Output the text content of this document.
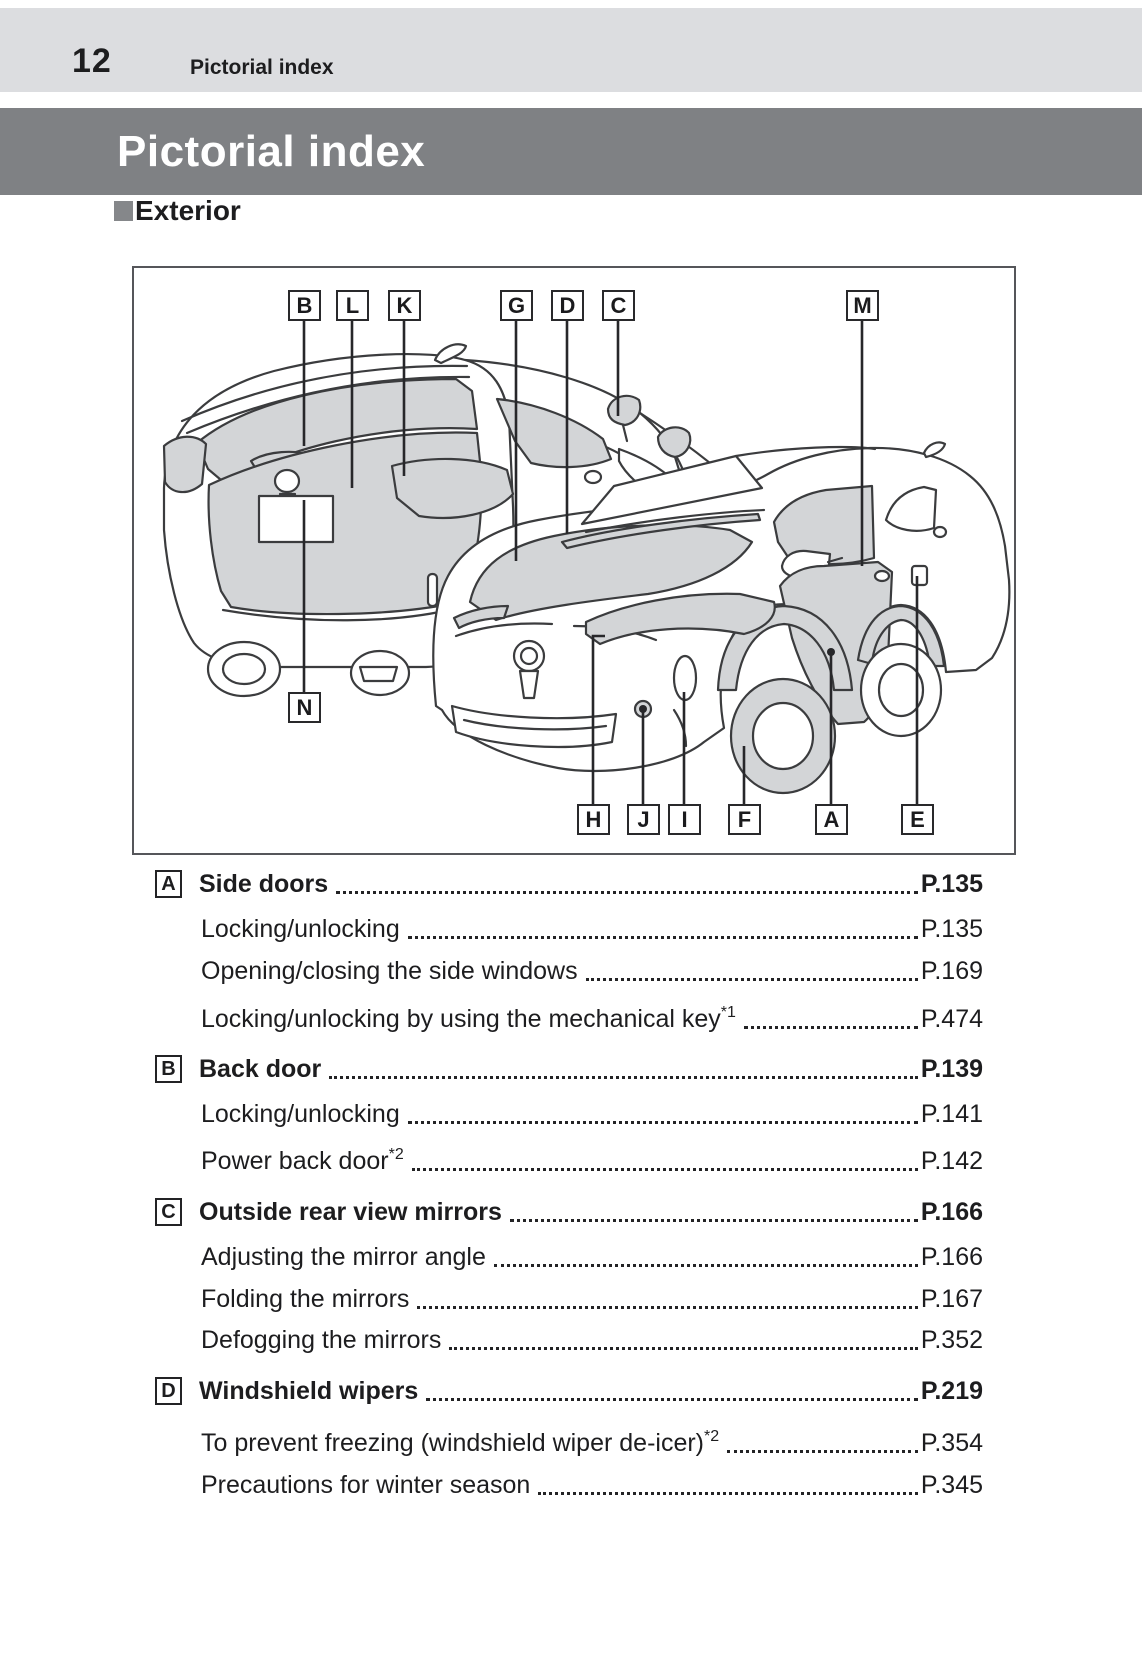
12	Pictorial index
Pictorial index
Exterior
B	L	K	G	D	C	M
N
H	J	I	F	A	E
A Side doors	P.135
Locking/unlocking	P.135
Opening/closing the side windows	P.169
Locking/unlocking by using the mechanical key$^{*1}$	P.474
B Back door	P.139
Locking/unlocking	P.141
Power back door$^{*2}$	P.142
C Outside rear view mirrors	P.166
Adjusting the mirror angle	P.166
Folding the mirrors	P.167
Defogging the mirrors	P.352
D Windshield wipers	P.219
To prevent freezing (windshield wiper de-icer)$^{*2}$	P.354
Precautions for winter season	P.345
